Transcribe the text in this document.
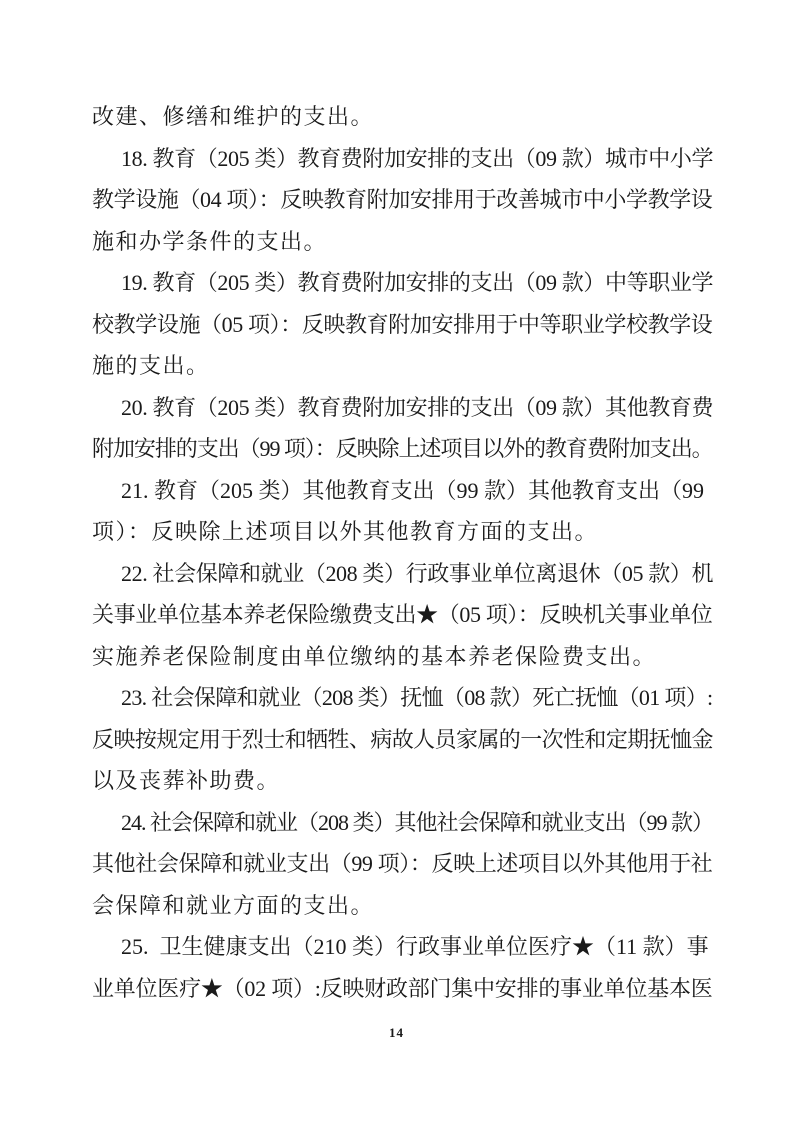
改建、修缮和维护的支出。
18. 教育（205 类）教育费附加安排的支出（09 款）城市中小学
教学设施（04 项）：反映教育附加安排用于改善城市中小学教学设
施和办学条件的支出。
19. 教育（205 类）教育费附加安排的支出（09 款）中等职业学
校教学设施（05 项）：反映教育附加安排用于中等职业学校教学设
施的支出。
20. 教育（205 类）教育费附加安排的支出（09 款）其他教育费
附加安排的支出（99 项）：反映除上述项目以外的教育费附加支出。
21. 教育（205 类）其他教育支出（99 款）其他教育支出（99
项）：反映除上述项目以外其他教育方面的支出。
22. 社会保障和就业（208 类）行政事业单位离退休（05 款）机
关事业单位基本养老保险缴费支出★（05 项）：反映机关事业单位
实施养老保险制度由单位缴纳的基本养老保险费支出。
23. 社会保障和就业（208 类）抚恤（08 款）死亡抚恤（01 项）:
反映按规定用于烈士和牺牲、病故人员家属的一次性和定期抚恤金
以及丧葬补助费。
24. 社会保障和就业（208 类）其他社会保障和就业支出（99 款）
其他社会保障和就业支出（99 项）：反映上述项目以外其他用于社
会保障和就业方面的支出。
25.  卫生健康支出（210 类）行政事业单位医疗★（11 款）事
业单位医疗★（02 项）:反映财政部门集中安排的事业单位基本医
14
